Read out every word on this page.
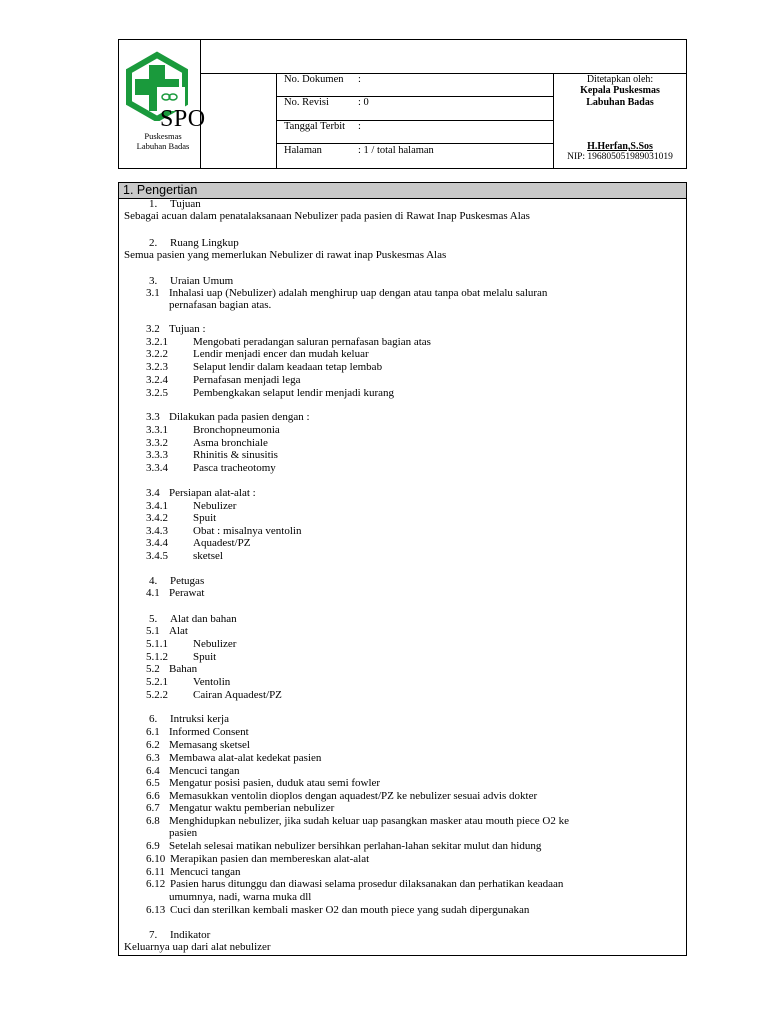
SPO
Puskesmas
Labuhan Badas
No. Dokumen :
No. Revisi	: 0
Tanggal Terbit :
Halaman	: 1 / total halaman
Ditetapkan oleh:
Kepala Puskesmas
Labuhan Badas
H.Herfan,S.Sos
NIP: 196805051989031019
1. Pengertian
1. Tujuan
Sebagai acuan dalam penatalaksanaan Nebulizer pada pasien di Rawat Inap Puskesmas Alas
2. Ruang Lingkup
Semua pasien yang memerlukan Nebulizer di rawat inap Puskesmas Alas
3. Uraian Umum
3.1 Inhalasi uap (Nebulizer) adalah menghirup uap dengan atau tanpa obat melalu saluran
pernafasan bagian atas.
3.2 Tujuan :
3.2.1 Mengobati peradangan saluran pernafasan bagian atas
3.2.2 Lendir menjadi encer dan mudah keluar
3.2.3 Selaput lendir dalam keadaan tetap lembab
3.2.4 Pernafasan menjadi lega
3.2.5 Pembengkakan selaput lendir menjadi kurang
3.3 Dilakukan pada pasien dengan :
3.3.1 Bronchopneumonia
3.3.2 Asma bronchiale
3.3.3 Rhinitis & sinusitis
3.3.4 Pasca tracheotomy
3.4 Persiapan alat-alat :
3.4.1 Nebulizer
3.4.2 Spuit
3.4.3 Obat : misalnya ventolin
3.4.4 Aquadest/PZ
3.4.5 sketsel
4. Petugas
4.1 Perawat
5. Alat dan bahan
5.1 Alat
5.1.1 Nebulizer
5.1.2 Spuit
5.2 Bahan
5.2.1 Ventolin
5.2.2 Cairan Aquadest/PZ
6. Intruksi kerja
6.1 Informed Consent
6.2 Memasang sketsel
6.3 Membawa alat-alat kedekat pasien
6.4 Mencuci tangan
6.5 Mengatur posisi pasien, duduk atau semi fowler
6.6 Memasukkan ventolin dioplos dengan aquadest/PZ ke nebulizer sesuai advis dokter
6.7 Mengatur waktu pemberian nebulizer
6.8 Menghidupkan nebulizer, jika sudah keluar uap pasangkan masker atau mouth piece O2 ke
pasien
6.9 Setelah selesai matikan nebulizer bersihkan perlahan-lahan sekitar mulut dan hidung
6.10 Merapikan pasien dan membereskan alat-alat
6.11 Mencuci tangan
6.12 Pasien harus ditunggu dan diawasi selama prosedur dilaksanakan dan perhatikan keadaan
umumnya, nadi, warna muka dll
6.13 Cuci dan sterilkan kembali masker O2 dan mouth piece yang sudah dipergunakan
7. Indikator
Keluarnya uap dari alat nebulizer
